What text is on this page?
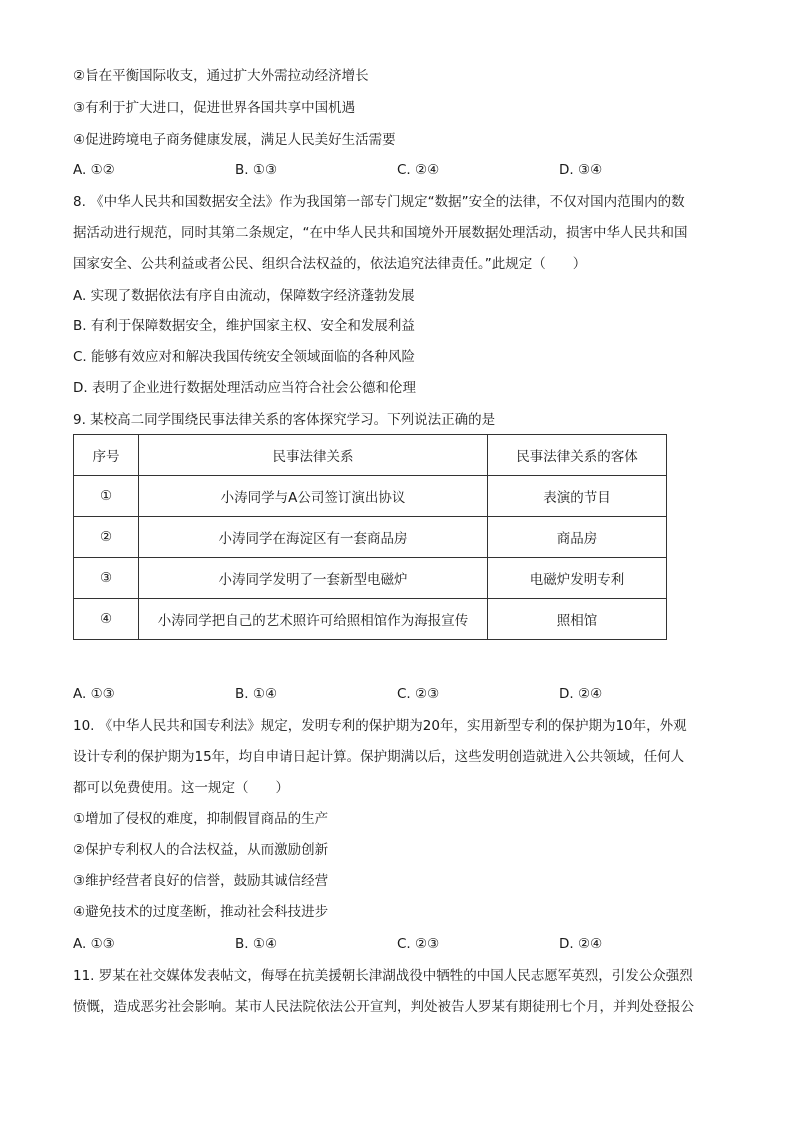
②旨在平衡国际收支，通过扩大外需拉动经济增长
③有利于扩大进口，促进世界各国共享中国机遇
④促进跨境电子商务健康发展，满足人民美好生活需要
A. ①②	B. ①③	C. ②④	D. ③④
8. 《中华人民共和国数据安全法》作为我国第一部专门规定“数据”安全的法律，不仅对国内范围内的数
据活动进行规范，同时其第二条规定，“在中华人民共和国境外开展数据处理活动，损害中华人民共和国
国家安全、公共利益或者公民、组织合法权益的，依法追究法律责任。”此规定（　　）
A. 实现了数据依法有序自由流动，保障数字经济蓬勃发展
B. 有利于保障数据安全，维护国家主权、安全和发展利益
C. 能够有效应对和解决我国传统安全领域面临的各种风险
D. 表明了企业进行数据处理活动应当符合社会公德和伦理
9. 某校高二同学围绕民事法律关系的客体探究学习。下列说法正确的是
序号	民事法律关系	民事法律关系的客体
①	小涛同学与A公司签订演出协议	表演的节目
②	小涛同学在海淀区有一套商品房	商品房
③	小涛同学发明了一套新型电磁炉	电磁炉发明专利
④	小涛同学把自己的艺术照许可给照相馆作为海报宣传	照相馆
A. ①③	B. ①④	C. ②③	D. ②④
10. 《中华人民共和国专利法》规定，发明专利的保护期为20年，实用新型专利的保护期为10年，外观
设计专利的保护期为15年，均自申请日起计算。保护期满以后，这些发明创造就进入公共领域，任何人
都可以免费使用。这一规定（　　）
①增加了侵权的难度，抑制假冒商品的生产
②保护专利权人的合法权益，从而激励创新
③维护经营者良好的信誉，鼓励其诚信经营
④避免技术的过度垄断，推动社会科技进步
A. ①③	B. ①④	C. ②③	D. ②④
11. 罗某在社交媒体发表帖文，侮辱在抗美援朝长津湖战役中牺牲的中国人民志愿军英烈，引发公众强烈
愤慨，造成恶劣社会影响。某市人民法院依法公开宣判，判处被告人罗某有期徒刑七个月，并判处登报公
